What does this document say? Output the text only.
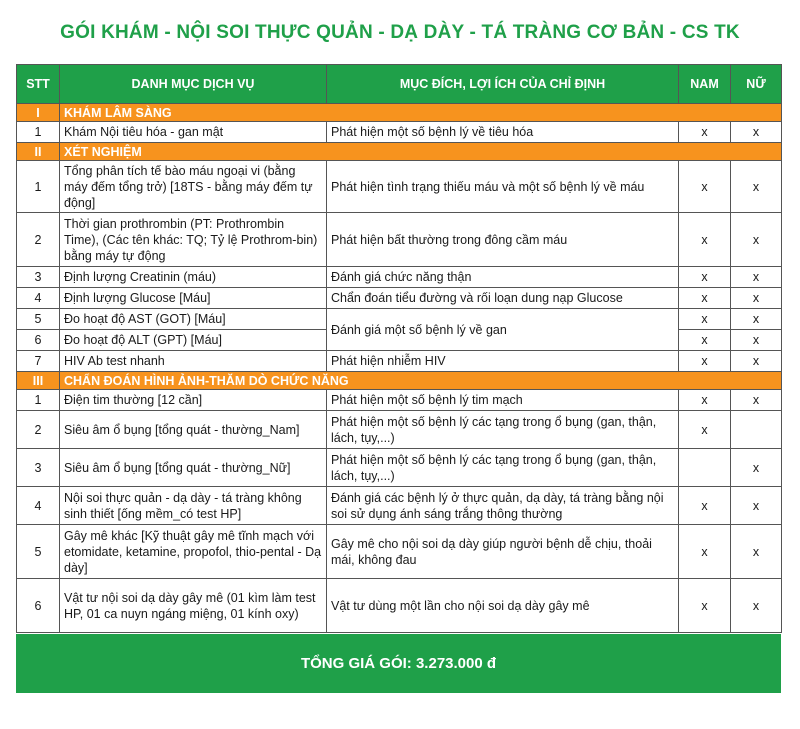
GÓI KHÁM - NỘI SOI THỰC QUẢN - DẠ DÀY - TÁ TRÀNG CƠ BẢN - CS TK
STT	DANH MỤC DỊCH VỤ	MỤC ĐÍCH, LỢI ÍCH CỦA CHỈ ĐỊNH	NAM	NỮ
I	KHÁM LÂM SÀNG			
1	Khám Nội tiêu hóa - gan mật	Phát hiện một số bệnh lý về tiêu hóa	x	x
II	XÉT NGHIỆM			
1	Tổng phân tích tế bào máu ngoại vi (bằng máy đếm tổng trở) [18TS - bằng máy đếm tự động]	Phát hiện tình trạng thiếu máu và một số bệnh lý về máu	x	x
2	Thời gian prothrombin (PT: Prothrombin Time), (Các tên khác: TQ; Tỷ lệ Prothrom-bin) bằng máy tự động	Phát hiện bất thường trong đông cầm máu	x	x
3	Định lượng Creatinin (máu)	Đánh giá chức năng thận	x	x
4	Định lượng Glucose [Máu]	Chẩn đoán tiểu đường và rối loạn dung nạp Glucose	x	x
5	Đo hoạt độ AST (GOT) [Máu]	Đánh giá một số bệnh lý về gan	x	x
6	Đo hoạt độ ALT (GPT) [Máu]		x	x
7	HIV Ab test nhanh	Phát hiện nhiễm HIV	x	x
III	CHẨN ĐOÁN HÌNH ẢNH-THĂM DÒ CHỨC NĂNG			
1	Điện tim thường [12 cần]	Phát hiện một số bệnh lý tim mạch	x	x
2	Siêu âm ổ bụng [tổng quát - thường_Nam]	Phát hiện một số bệnh lý các tạng trong ổ bụng (gan, thận, lách, tụy,...)	x	
3	Siêu âm ổ bụng [tổng quát - thường_Nữ]	Phát hiện một số bệnh lý các tạng trong ổ bụng (gan, thận, lách, tụy,...)		x
4	Nội soi thực quản - dạ dày - tá tràng không sinh thiết [ống mềm_có test HP]	Đánh giá các bệnh lý ở thực quản, dạ dày, tá tràng bằng nội soi sử dụng ánh sáng trắng thông thường	x	x
5	Gây mê khác [Kỹ thuật gây mê tĩnh mạch với etomidate, ketamine, propofol, thio-pental - Dạ dày]	Gây mê cho nội soi dạ dày giúp người bệnh dễ chịu, thoải mái, không đau	x	x
6	Vật tư nội soi dạ dày gây mê (01 kìm làm test HP, 01 ca nuyn ngáng miệng, 01 kính oxy)	Vật tư dùng một lần cho nội soi dạ dày gây mê	x	x
TỔNG GIÁ GÓI: 3.273.000 đ
